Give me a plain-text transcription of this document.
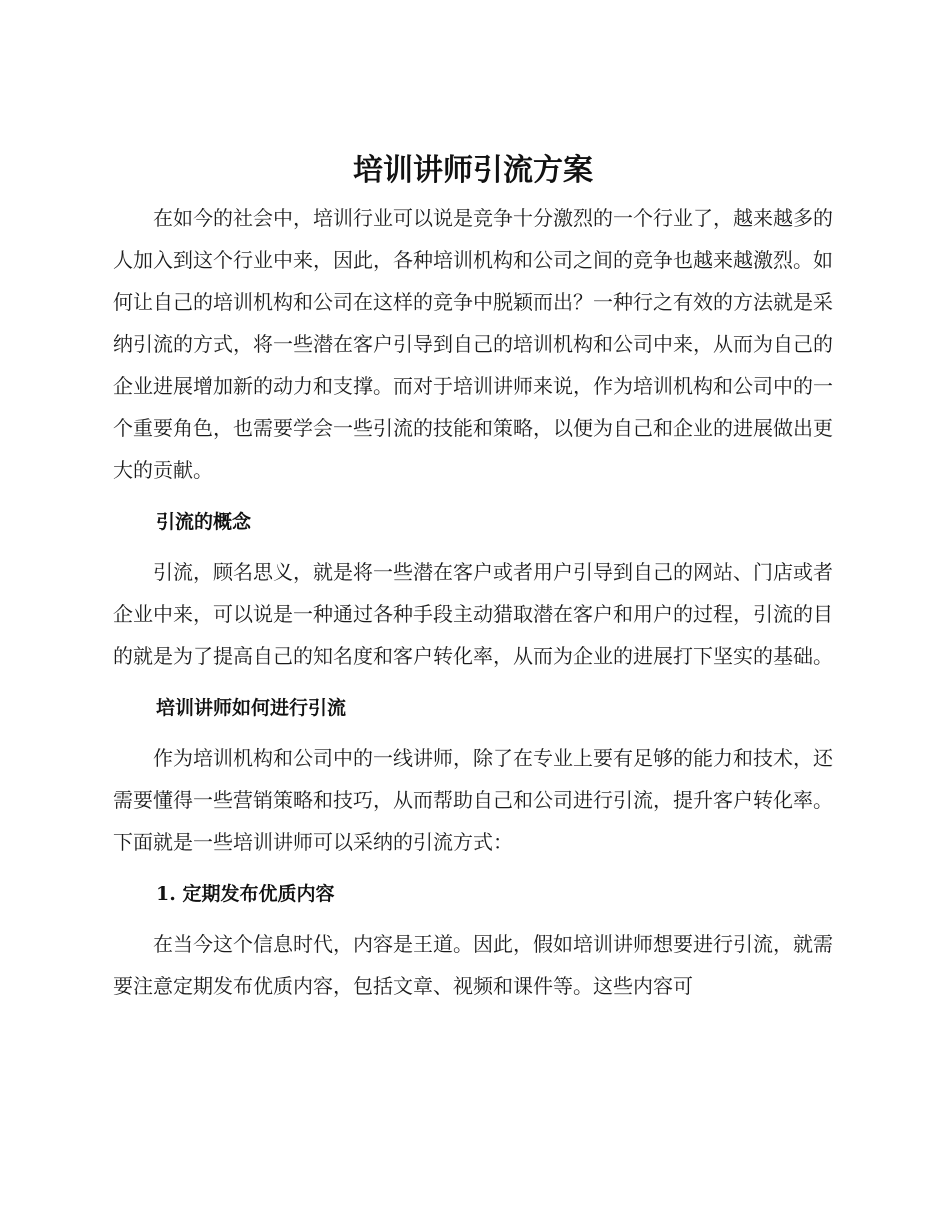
培训讲师引流方案

在如今的社会中，培训行业可以说是竞争十分激烈的一个行业了，越来越多的人加入到这个行业中来，因此，各种培训机构和公司之间的竞争也越来越激烈。如何让自己的培训机构和公司在这样的竞争中脱颖而出？一种行之有效的方法就是采纳引流的方式，将一些潜在客户引导到自己的培训机构和公司中来，从而为自己的企业进展增加新的动力和支撑。而对于培训讲师来说，作为培训机构和公司中的一个重要角色，也需要学会一些引流的技能和策略，以便为自己和企业的进展做出更大的贡献。

引流的概念

引流，顾名思义，就是将一些潜在客户或者用户引导到自己的网站、门店或者企业中来，可以说是一种通过各种手段主动猎取潜在客户和用户的过程，引流的目的就是为了提高自己的知名度和客户转化率，从而为企业的进展打下坚实的基础。

培训讲师如何进行引流

作为培训机构和公司中的一线讲师，除了在专业上要有足够的能力和技术，还需要懂得一些营销策略和技巧，从而帮助自己和公司进行引流，提升客户转化率。下面就是一些培训讲师可以采纳的引流方式：

1. 定期发布优质内容

在当今这个信息时代，内容是王道。因此，假如培训讲师想要进行引流，就需要注意定期发布优质内容，包括文章、视频和课件等。这些内容可
